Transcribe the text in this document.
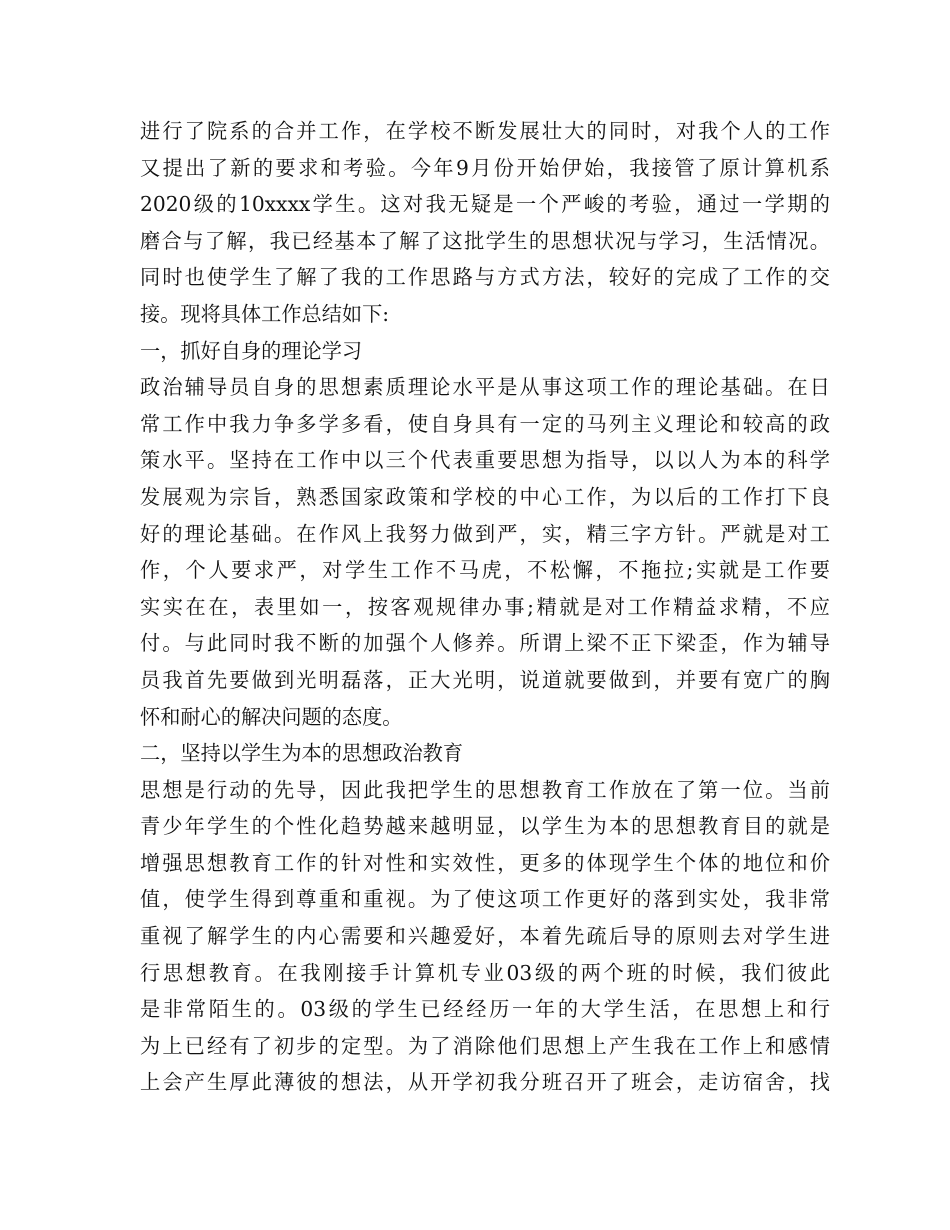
进行了院系的合并工作，在学校不断发展壮大的同时，对我个人的工作
又提出了新的要求和考验。今年9月份开始伊始，我接管了原计算机系
2020级的10xxxx学生。这对我无疑是一个严峻的考验，通过一学期的
磨合与了解，我已经基本了解了这批学生的思想状况与学习，生活情况。
同时也使学生了解了我的工作思路与方式方法，较好的完成了工作的交
接。现将具体工作总结如下:
一，抓好自身的理论学习
政治辅导员自身的思想素质理论水平是从事这项工作的理论基础。在日
常工作中我力争多学多看，使自身具有一定的马列主义理论和较高的政
策水平。坚持在工作中以三个代表重要思想为指导，以以人为本的科学
发展观为宗旨，熟悉国家政策和学校的中心工作，为以后的工作打下良
好的理论基础。在作风上我努力做到严，实，精三字方针。严就是对工
作，个人要求严，对学生工作不马虎，不松懈，不拖拉;实就是工作要
实实在在，表里如一，按客观规律办事;精就是对工作精益求精，不应
付。与此同时我不断的加强个人修养。所谓上梁不正下梁歪，作为辅导
员我首先要做到光明磊落，正大光明，说道就要做到，并要有宽广的胸
怀和耐心的解决问题的态度。
二，坚持以学生为本的思想政治教育
思想是行动的先导，因此我把学生的思想教育工作放在了第一位。当前
青少年学生的个性化趋势越来越明显，以学生为本的思想教育目的就是
增强思想教育工作的针对性和实效性，更多的体现学生个体的地位和价
值，使学生得到尊重和重视。为了使这项工作更好的落到实处，我非常
重视了解学生的内心需要和兴趣爱好，本着先疏后导的原则去对学生进
行思想教育。在我刚接手计算机专业03级的两个班的时候，我们彼此
是非常陌生的。03级的学生已经经历一年的大学生活，在思想上和行
为上已经有了初步的定型。为了消除他们思想上产生我在工作上和感情
上会产生厚此薄彼的想法，从开学初我分班召开了班会，走访宿舍，找
